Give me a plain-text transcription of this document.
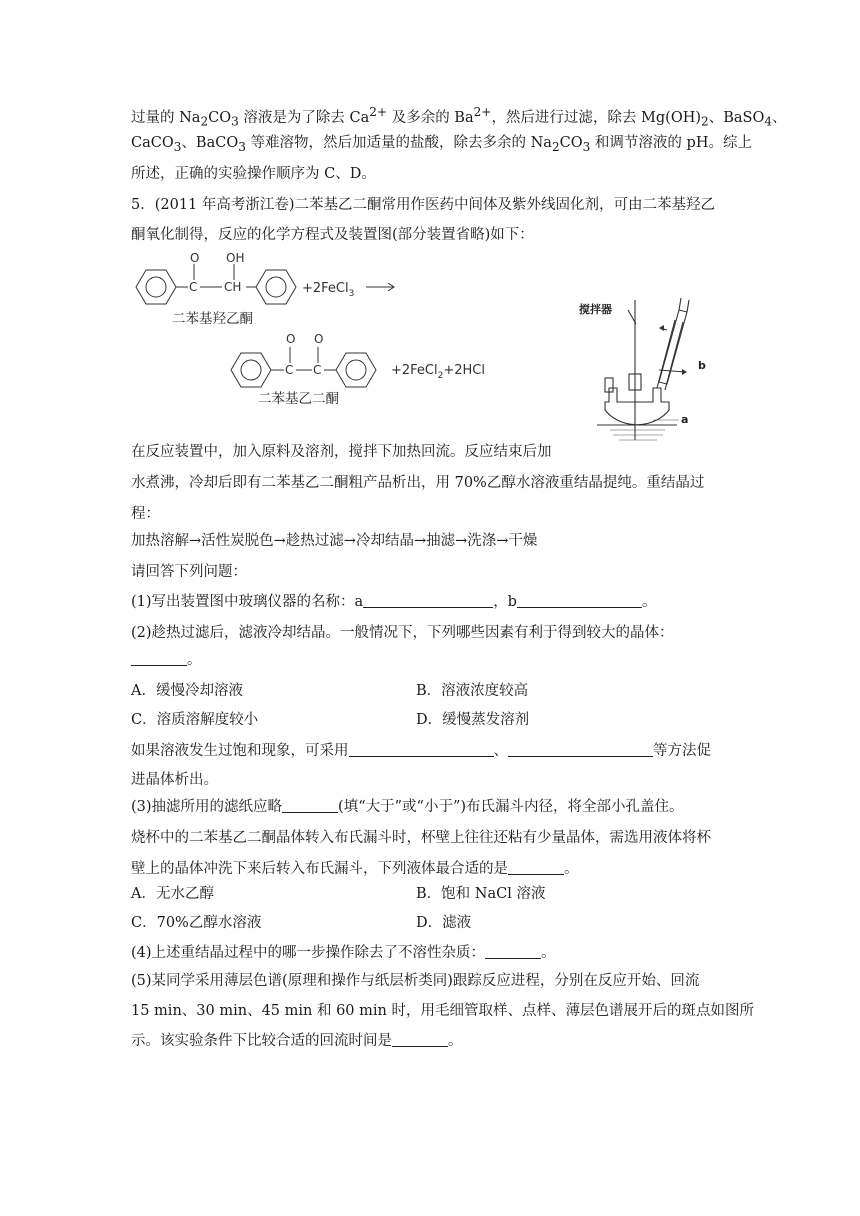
过量的 $Na_2CO_3$ 溶液是为了除去 $Ca^{2+}$ 及多余的 $Ba^{2+}$，然后进行过滤，除去 $Mg(OH)_2$、BaSO$_4$、
CaCO$_3$、BaCO$_3$ 等难溶物，然后加适量的盐酸，除去多余的 $Na_2CO_3$ 和调节溶液的 pH。综上
所述，正确的实验操作顺序为 C、D。
5．(2011 年高考浙江卷)二苯基乙二酮常用作医药中间体及紫外线固化剂，可由二苯基羟乙
酮氧化制得，反应的化学方程式及装置图(部分装置省略)如下：
O OH
C CH	+2FeCl$_3$
二苯基羟乙酮
O O
C C	+2FeCl$_2$+2HCl
二苯基乙二酮
搅拌器
b
a
在反应装置中，加入原料及溶剂，搅拌下加热回流。反应结束后加
水煮沸，冷却后即有二苯基乙二酮粗产品析出，用 70%乙醇水溶液重结晶提纯。重结晶过
程：
加热溶解→活性炭脱色→趁热过滤→冷却结晶→抽滤→洗涤→干燥
请回答下列问题：
(1)写出装置图中玻璃仪器的名称：a	，b	。
(2)趁热过滤后，滤液冷却结晶。一般情况下，下列哪些因素有利于得到较大的晶体：
。
A．缓慢冷却溶液	B．溶液浓度较高
C．溶质溶解度较小	D．缓慢蒸发溶剂
如果溶液发生过饱和现象，可采用	、	等方法促
进晶体析出。
(3)抽滤所用的滤纸应略	(填“大于”或“小于”)布氏漏斗内径，将全部小孔盖住。
烧杯中的二苯基乙二酮晶体转入布氏漏斗时，杯壁上往往还粘有少量晶体，需选用液体将杯
壁上的晶体冲洗下来后转入布氏漏斗，下列液体最合适的是	。
A．无水乙醇	B．饱和 NaCl 溶液
C．70%乙醇水溶液	D．滤液
(4)上述重结晶过程中的哪一步操作除去了不溶性杂质：	。
(5)某同学采用薄层色谱(原理和操作与纸层析类同)跟踪反应进程，分别在反应开始、回流
15 min、30 min、45 min 和 60 min 时，用毛细管取样、点样、薄层色谱展开后的斑点如图所
示。该实验条件下比较合适的回流时间是	。
